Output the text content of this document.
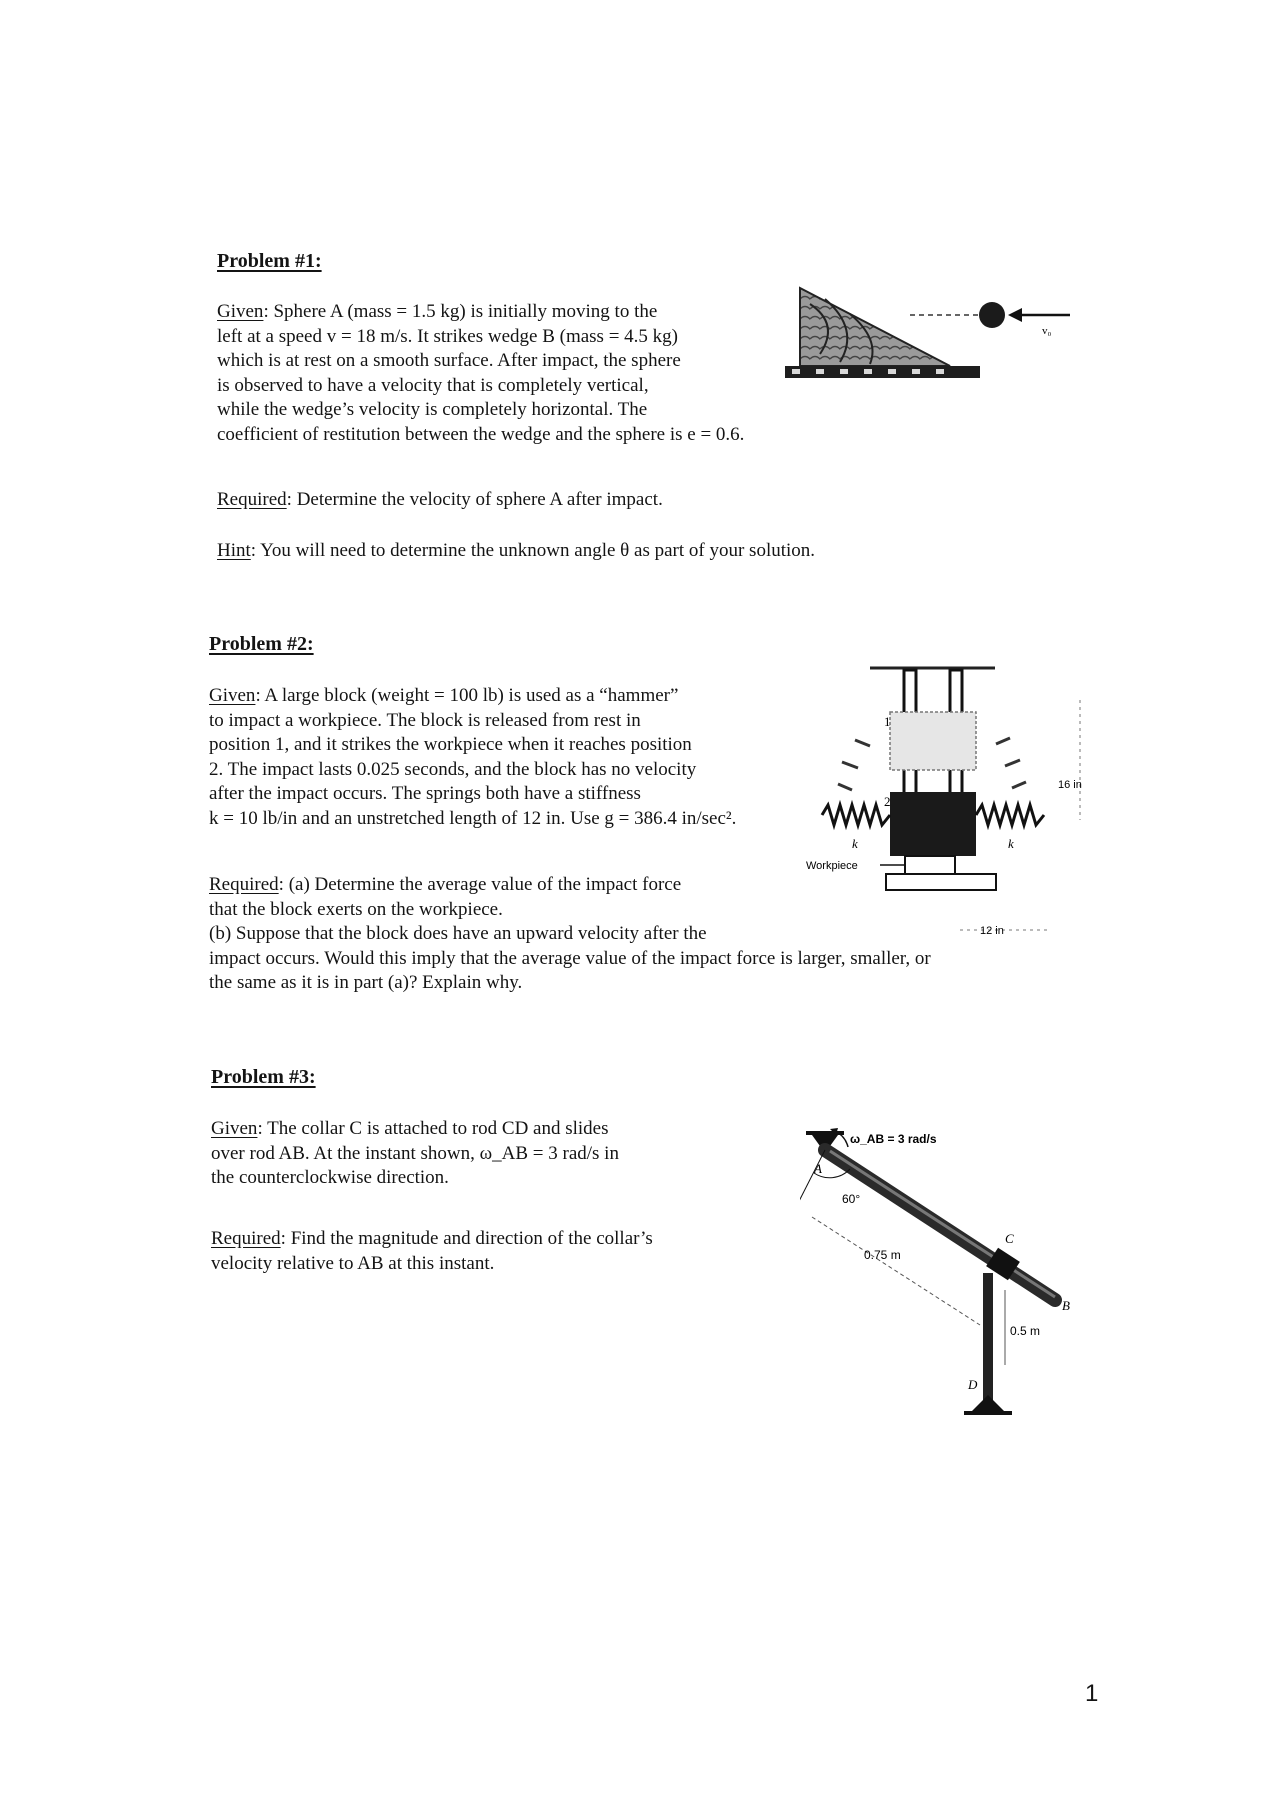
Problem #1:
Given: Sphere A (mass = 1.5 kg) is initially moving to the
left at a speed v = 18 m/s. It strikes wedge B (mass = 4.5 kg)
which is at rest on a smooth surface. After impact, the sphere
is observed to have a velocity that is completely vertical,
while the wedge’s velocity is completely horizontal. The
coefficient of restitution between the wedge and the sphere is e = 0.6.
Required: Determine the velocity of sphere A after impact.
Hint: You will need to determine the unknown angle θ as part of your solution.
v₀
Problem #2:
Given: A large block (weight = 100 lb) is used as a “hammer”
to impact a workpiece. The block is released from rest in
position 1, and it strikes the workpiece when it reaches position
2. The impact lasts 0.025 seconds, and the block has no velocity
after the impact occurs. The springs both have a stiffness
k = 10 lb/in and an unstretched length of 12 in. Use g = 386.4 in/sec².
Required: (a) Determine the average value of the impact force
that the block exerts on the workpiece.
(b) Suppose that the block does have an upward velocity after the
impact occurs. Would this imply that the average value of the impact force is larger, smaller, or
the same as it is in part (a)? Explain why.
1
2
k	k
Workpiece
16 in
12 in
Problem #3:
Given: The collar C is attached to rod CD and slides
over rod AB. At the instant shown, ω_AB = 3 rad/s in
the counterclockwise direction.
Required: Find the magnitude and direction of the collar’s
velocity relative to AB at this instant.
A
B
ω_AB = 3 rad/s
60°
0.75 m
C
D
0.5 m
1
